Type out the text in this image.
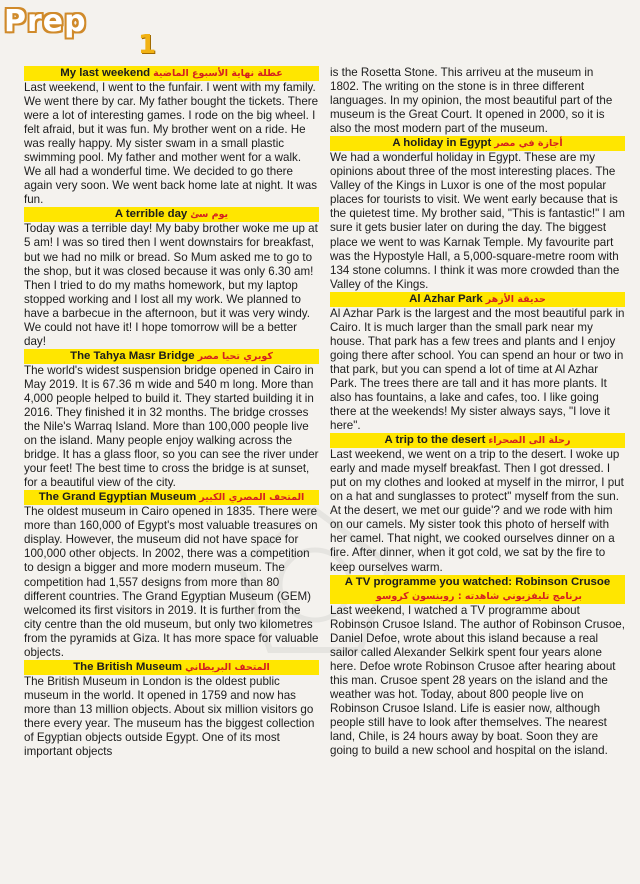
Prep
1
My last weekend عطلة نهاية الأسبوع الماضية

Last weekend, I went to the funfair. I went with my family. We went there by car. My father bought the tickets. There were a lot of interesting games. I rode on the big wheel. I felt afraid, but it was fun. My brother went on a ride. He was really happy. My sister swam in a small plastic swimming pool. My father and mother went for a walk. We all had a wonderful time. We decided to go there again very soon. We went back home late at night. It was fun.

A terrible day يوم سئ

Today was a terrible day! My baby brother woke me up at 5 am! I was so tired then I went downstairs for breakfast, but we had no milk or bread. So Mum asked me to go to the shop, but it was closed because it was only 6.30 am! Then I tried to do my maths homework, but my laptop stopped working and I lost all my work. We planned to have a barbecue in the afternoon, but it was very windy. We could not have it! I hope tomorrow will be a better day!

The Tahya Masr Bridge كوبري تحيا مصر

The world's widest suspension bridge opened in Cairo in May 2019. It is 67.36 m wide and 540 m long. More than 4,000 people helped to build it. They started building it in 2016. They finished it in 32 months. The bridge crosses the Nile's Warraq Island. More than 100,000 people live on the island. Many people enjoy walking across the bridge. It has a glass floor, so you can see the river under your feet! The best time to cross the bridge is at sunset, for a beautiful view of the city.

The Grand Egyptian Museum المتحف المصري الكبير

The oldest museum in Cairo opened in 1835. There were more than 160,000 of Egypt's most valuable treasures on display. However, the museum did not have space for 100,000 other objects. In 2002, there was a competition to design a bigger and more modern museum. The competition had 1,557 designs from more than 80 different countries. The Grand Egyptian Museum (GEM) welcomed its first visitors in 2019. It is further from the city centre than the old museum, but only two kilometres from the pyramids at Giza. It has more space for valuable objects.

The British Museum المتحف البريطاني

The British Museum in London is the oldest public museum in the world. It opened in 1759 and now has more than 13 million objects. About six million visitors go there every year. The museum has the biggest collection of Egyptian objects outside Egypt. One of its most important objects

is the Rosetta Stone. This arriveu at the museum in 1802. The writing on the stone is in three different languages. In my opinion, the most beautiful part of the museum is the Great Court. It opened in 2000, so it is also the most modern part of the museum.

A holiday in Egypt أجازة في مصر

We had a wonderful holiday in Egypt. These are my opinions about three of the most interesting places. The Valley of the Kings in Luxor is one of the most popular places for tourists to visit. We went early because that is the quietest time. My brother said, "This is fantastic!" I am sure it gets busier later on during the day. The biggest place we went to was Karnak Temple. My favourite part was the Hypostyle Hall, a 5,000-square-metre room with 134 stone columns. I think it was more crowded than the Valley of the Kings.

Al Azhar Park حديقة الأزهر

Al Azhar Park is the largest and the most beautiful park in Cairo. It is much larger than the small park near my house. That park has a few trees and plants and I enjoy going there after school. You can spend an hour or two in that park, but you can spend a lot of time at Al Azhar Park. The trees there are tall and it has more plants. It also has fountains, a lake and cafes, too. I like going there at the weekends! My sister always says, "I love it here".

A trip to the desert رحلة الى الصحراء

Last weekend, we went on a trip to the desert. I woke up early and made myself breakfast. Then I got dressed. I put on my clothes and looked at myself in the mirror, I put on a hat and sunglasses to protect" myself from the sun. At the desert, we met our guide'? and we rode with him on our camels. My sister took this photo of herself with her camel. That night, we cooked ourselves dinner on a fire. After dinner, when it got cold, we sat by the fire to keep ourselves warm.

A TV programme you watched: Robinson Crusoe
برنامج تليفزيوني شاهدته : روبنسون كروسو

Last weekend, I watched a TV programme about Robinson Crusoe Island. The author of Robinson Crusoe, Daniel Defoe, wrote about this island because a real sailor called Alexander Selkirk spent four years alone here. Defoe wrote Robinson Crusoe after hearing about this man. Crusoe spent 28 years on the island and the weather was hot. Today, about 800 people live on Robinson Crusoe Island. Life is easier now, although people still have to look after themselves. The nearest land, Chile, is 24 hours away by boat. Soon they are going to build a new school and hospital on the island.
